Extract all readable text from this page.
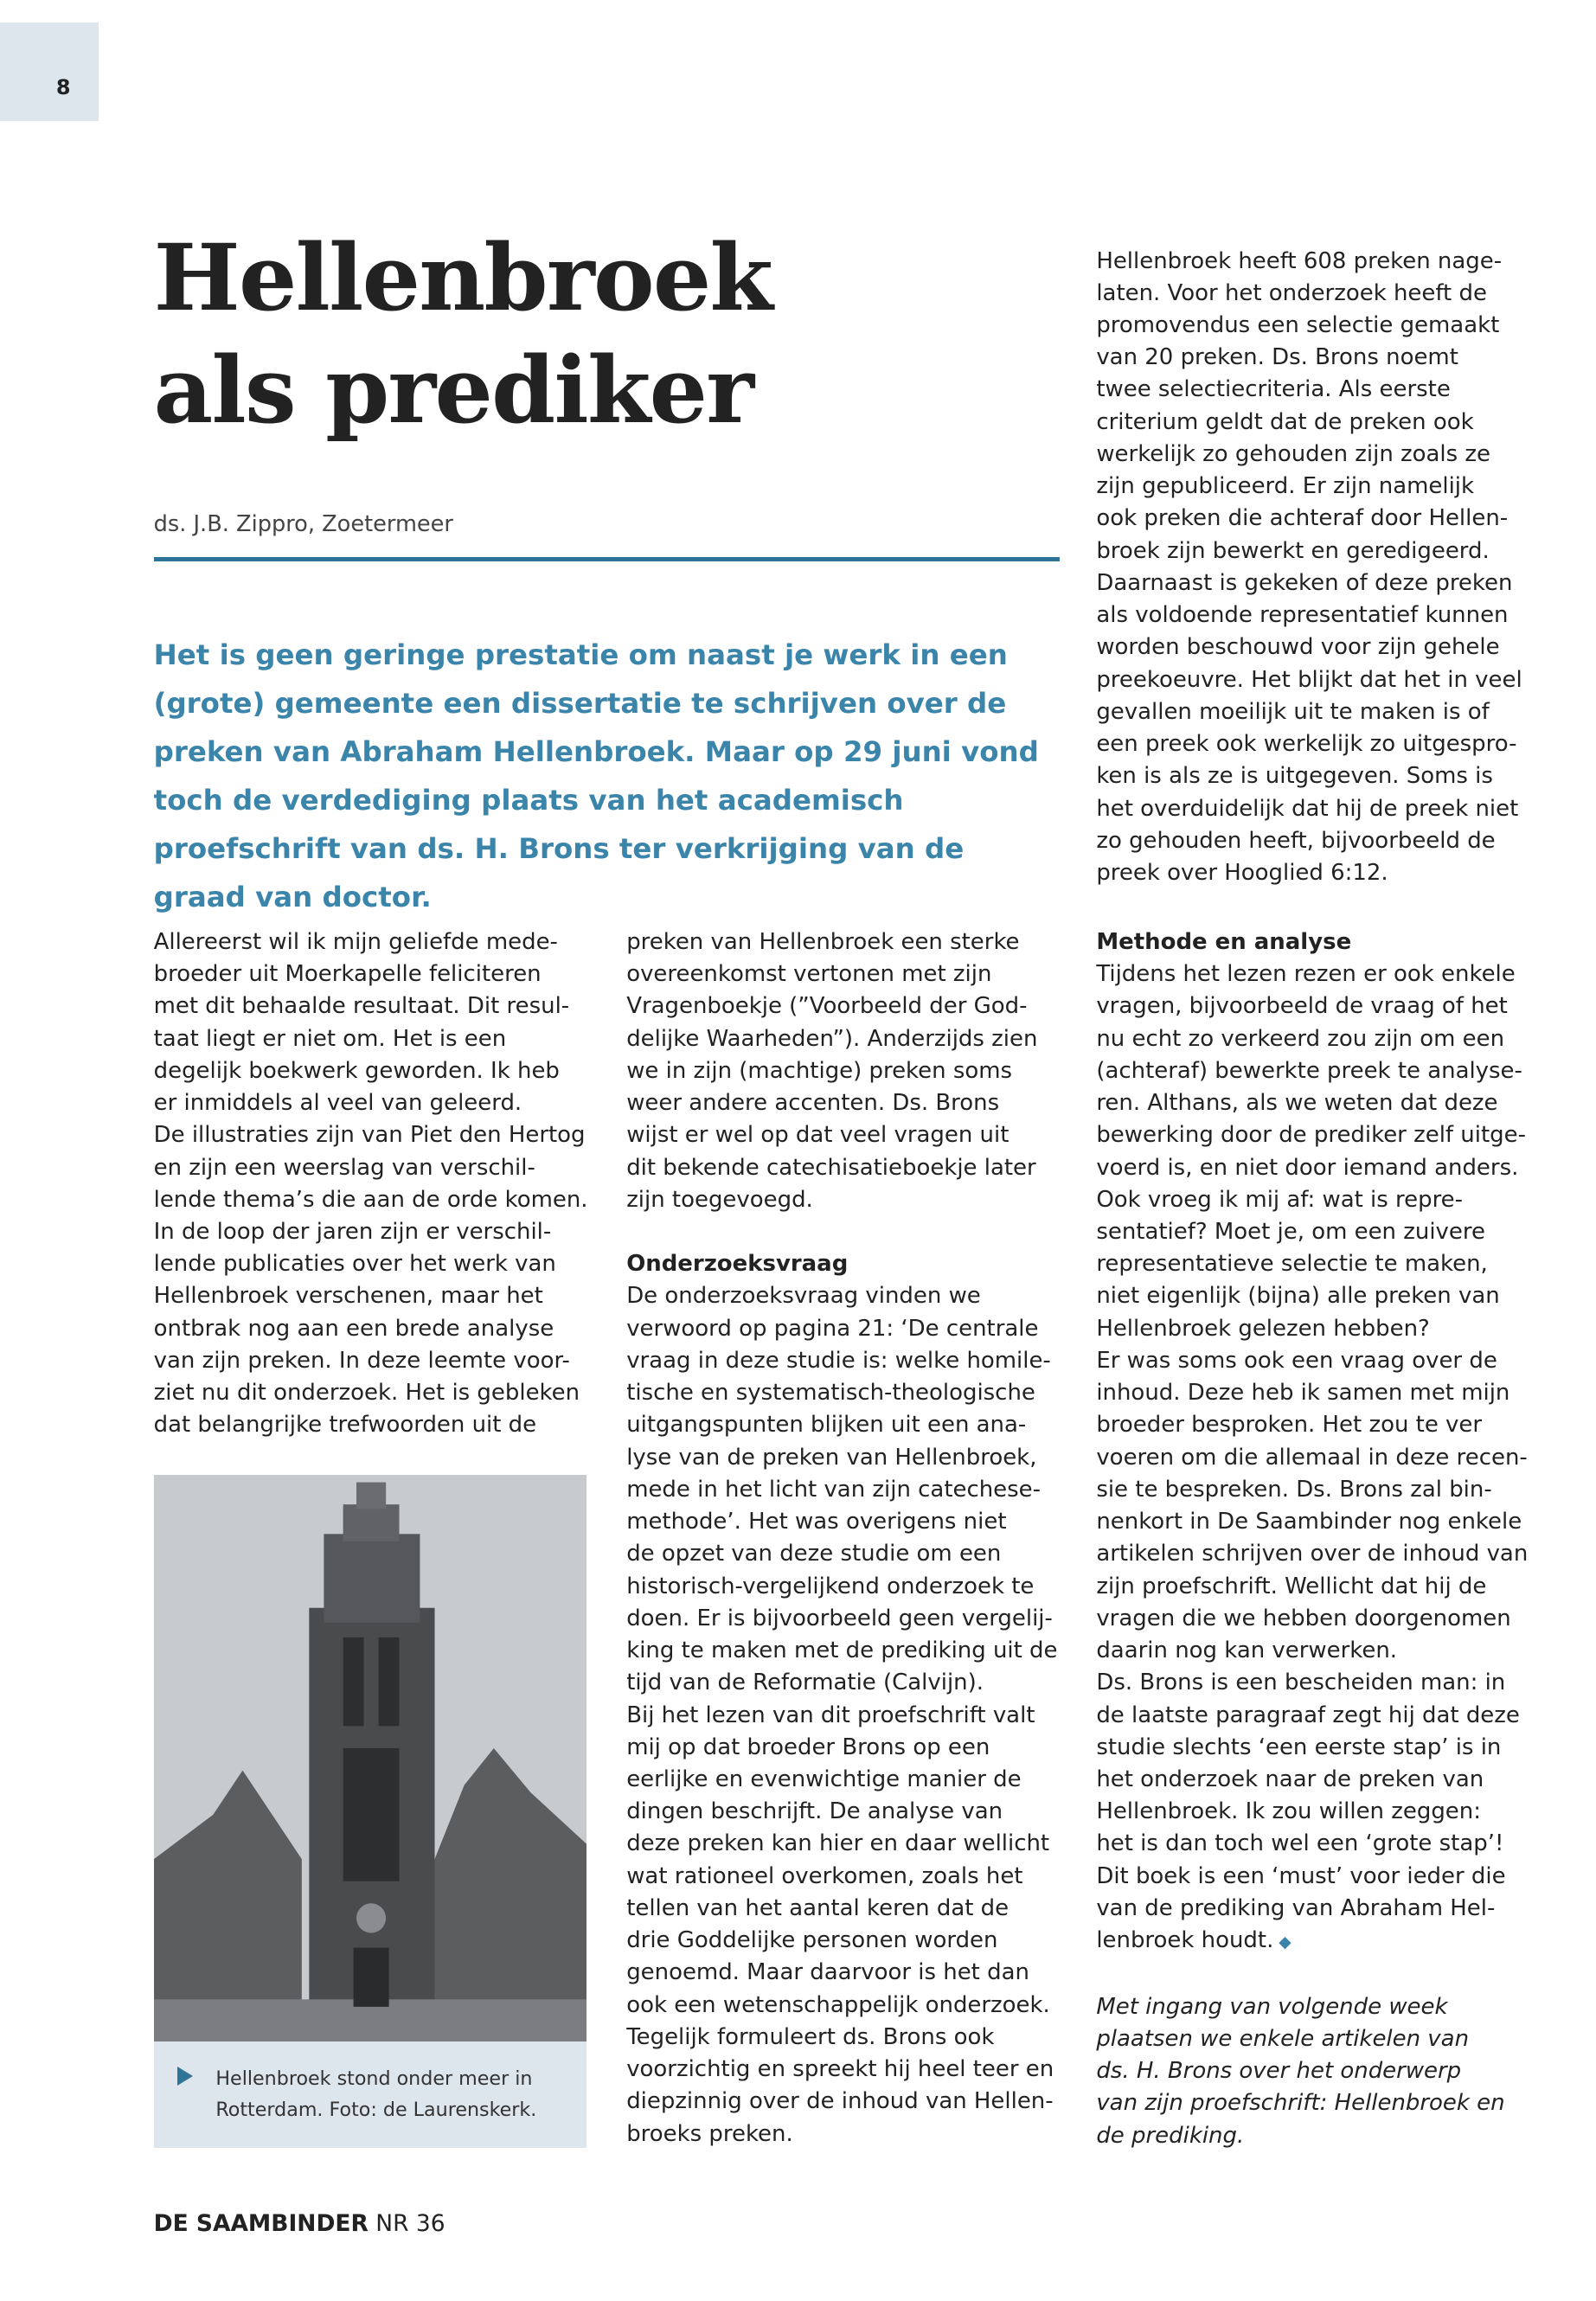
8
Hellenbroek
als prediker
ds. J.B. Zippro, Zoetermeer
Het is geen geringe prestatie om naast je werk in een (grote) gemeente een dissertatie te schrijven over de preken van Abraham Hellenbroek. Maar op 29 juni vond toch de verdediging plaats van het academisch proefschrift van ds. H. Brons ter verkrijging van de graad van doctor.

Hellenbroek heeft 608 preken nage-

laten. Voor het onderzoek heeft de

promovendus een selectie gemaakt

van 20 preken. Ds. Brons noemt

twee selectiecriteria. Als eerste

criterium geldt dat de preken ook

werkelijk zo gehouden zijn zoals ze

zijn gepubliceerd. Er zijn namelijk

ook preken die achteraf door Hellen-

broek zijn bewerkt en geredigeerd.

Daarnaast is gekeken of deze preken

als voldoende representatief kunnen

worden beschouwd voor zijn gehele

preekoeuvre. Het blijkt dat het in veel

gevallen moeilijk uit te maken is of

een preek ook werkelijk zo uitgespro-

ken is als ze is uitgegeven. Soms is

het overduidelijk dat hij de preek niet

zo gehouden heeft, bijvoorbeeld de

preek over Hooglied 6:12.

Allereerst wil ik mijn geliefde mede-

broeder uit Moerkapelle feliciteren

met dit behaalde resultaat. Dit resul-

taat liegt er niet om. Het is een

degelijk boekwerk geworden. Ik heb

er inmiddels al veel van geleerd.

De illustraties zijn van Piet den Hertog

en zijn een weerslag van verschil-

lende thema’s die aan de orde komen.

In de loop der jaren zijn er verschil-

lende publicaties over het werk van

Hellenbroek verschenen, maar het

ontbrak nog aan een brede analyse

van zijn preken. In deze leemte voor-

ziet nu dit onderzoek. Het is gebleken

dat belangrijke trefwoorden uit de

Hellenbroek stond onder meer in
Rotterdam. Foto: de Laurenskerk.

preken van Hellenbroek een sterke

overeenkomst vertonen met zijn

Vragenboekje (”Voorbeeld der God-

delijke Waarheden”). Anderzijds zien

we in zijn (machtige) preken soms

weer andere accenten. Ds. Brons

wijst er wel op dat veel vragen uit

dit bekende catechisatieboekje later

zijn toegevoegd.

Onderzoeksvraag

De onderzoeksvraag vinden we

verwoord op pagina 21: ‘De centrale

vraag in deze studie is: welke homile-

tische en systematisch-theologische

uitgangspunten blijken uit een ana-

lyse van de preken van Hellenbroek,

mede in het licht van zijn catechese-

methode’. Het was overigens niet

de opzet van deze studie om een

historisch-vergelijkend onderzoek te

doen. Er is bijvoorbeeld geen vergelij-

king te maken met de prediking uit de

tijd van de Reformatie (Calvijn).

Bij het lezen van dit proefschrift valt

mij op dat broeder Brons op een

eerlijke en evenwichtige manier de

dingen beschrijft. De analyse van

deze preken kan hier en daar wellicht

wat rationeel overkomen, zoals het

tellen van het aantal keren dat de

drie Goddelijke personen worden

genoemd. Maar daarvoor is het dan

ook een wetenschappelijk onderzoek.

Tegelijk formuleert ds. Brons ook

voorzichtig en spreekt hij heel teer en

diepzinnig over de inhoud van Hellen-

broeks preken.

Methode en analyse

Tijdens het lezen rezen er ook enkele

vragen, bijvoorbeeld de vraag of het

nu echt zo verkeerd zou zijn om een

(achteraf) bewerkte preek te analyse-

ren. Althans, als we weten dat deze

bewerking door de prediker zelf uitge-

voerd is, en niet door iemand anders.

Ook vroeg ik mij af: wat is repre-

sentatief? Moet je, om een zuivere

representatieve selectie te maken,

niet eigenlijk (bijna) alle preken van

Hellenbroek gelezen hebben?

Er was soms ook een vraag over de

inhoud. Deze heb ik samen met mijn

broeder besproken. Het zou te ver

voeren om die allemaal in deze recen-

sie te bespreken. Ds. Brons zal bin-

nenkort in De Saambinder nog enkele

artikelen schrijven over de inhoud van

zijn proefschrift. Wellicht dat hij de

vragen die we hebben doorgenomen

daarin nog kan verwerken.

Ds. Brons is een bescheiden man: in

de laatste paragraaf zegt hij dat deze

studie slechts ‘een eerste stap’ is in

het onderzoek naar de preken van

Hellenbroek. Ik zou willen zeggen:

het is dan toch wel een ‘grote stap’!

Dit boek is een ‘must’ voor ieder die

van de prediking van Abraham Hel-

lenbroek houdt. ◆

Met ingang van volgende week

plaatsen we enkele artikelen van

ds. H. Brons over het onderwerp

van zijn proefschrift: Hellenbroek en

de prediking.

DE SAAMBINDER NR 36
